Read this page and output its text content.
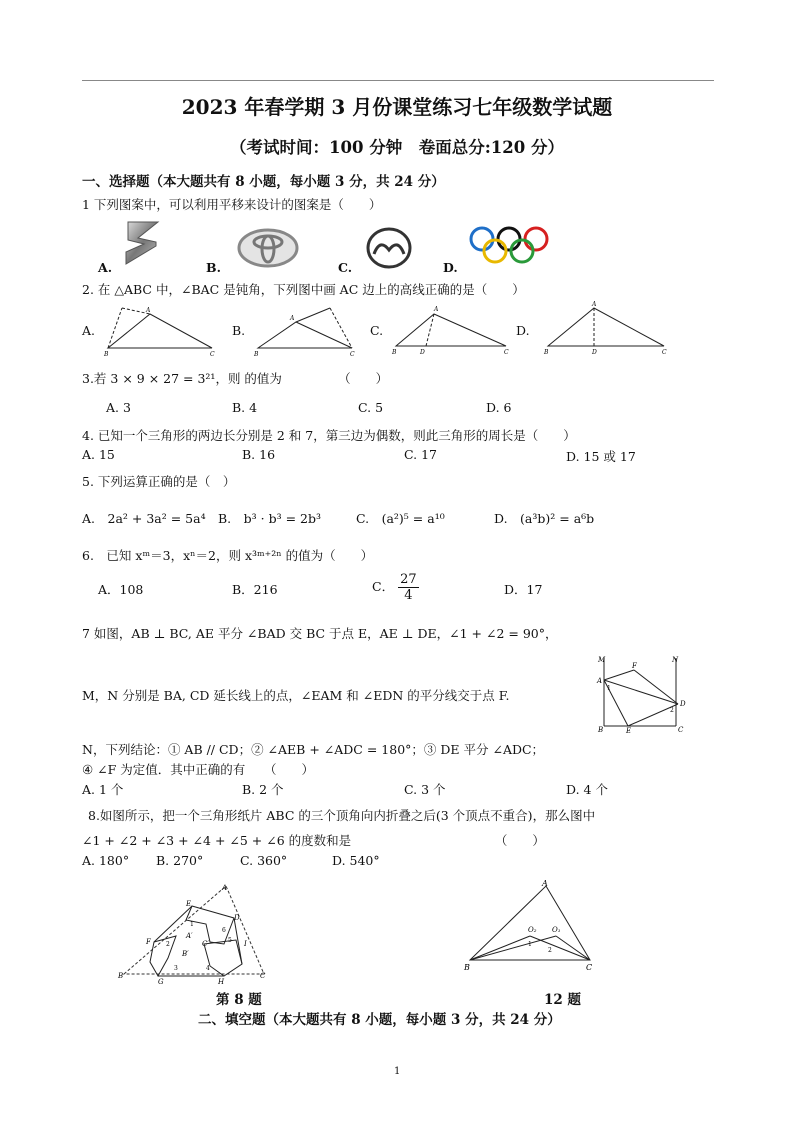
2023 年春学期 3 月份课堂练习七年级数学试题
（考试时间：100 分钟　卷面总分:120 分）
一、选择题（本大题共有 8 小题，每小题 3 分，共 24 分）
1 下列图案中，可以利用平移来设计的图案是（　　）
A.	B.	C.	D.
2. 在 △ABC 中，∠BAC 是钝角，下列图中画 AC 边上的高线正确的是（　　）
A.	B.	C.	D.
A
B	C
A
B	C
A
B	D	C
A
B	D	C
3.若 3 × 9 × 27 = 3²¹，则 的值为　　　　　（　　）
A. 3	B. 4	C. 5	D. 6
4. 已知一个三角形的两边长分别是 2 和 7，第三边为偶数，则此三角形的周长是（　　）
A. 15	B. 16	C. 17	D. 15 或 17
5. 下列运算正确的是（　）
A.　2a² + 3a² = 5a⁴ B.　b³ · b³ = 2b³	C.　(a²)⁵ = a¹⁰	D.　(a³b)² = a⁶b
6.　已知 xᵐ＝3，xⁿ＝2，则 x³ᵐ⁺²ⁿ 的值为（　　）
A．108	B．216	C． $\frac{27}{4}$	D．17
7 如图，AB ⊥ BC, AE 平分 ∠BAD 交 BC 于点 E，AE ⊥ DE，∠1 + ∠2 = 90°，
M，N 分别是 BA, CD 延长线上的点，∠EAM 和 ∠EDN 的平分线交于点 F.
N，下列结论：① AB // CD；② ∠AEB + ∠ADC = 180°；③ DE 平分 ∠ADC；
④ ∠F 为定值．其中正确的有　　（　　）
A. 1 个	B. 2 个	C. 3 个	D. 4 个
M	N
A
F
D
B	E	C
1
2
8.如图所示，把一个三角形纸片 ABC 的三个顶角向内折叠之后(3 个顶点不重合)，那么图中
∠1 + ∠2 + ∠3 + ∠4 + ∠5 + ∠6 的度数和是　　　　　　　　　　　　（　　）
A. 180° B. 270°	C. 360°	D. 540°
A
E
D
A′
F
B′
C′	I
B
G	H
C
1
2
3	4
5
6
第 8 题
A
B	C
O₂ O₁
1
2
12 题
二、填空题（本大题共有 8 小题，每小题 3 分，共 24 分）
1
